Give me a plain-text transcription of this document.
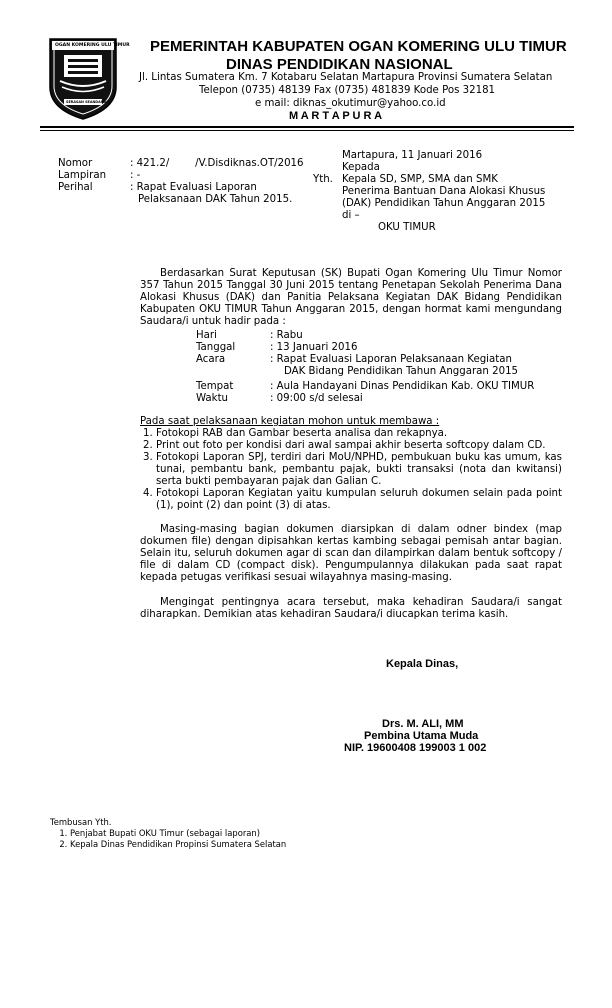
OGAN KOMERING ULU TIMUR
SERASAN SEANDANAN
PEMERINTAH KABUPATEN OGAN KOMERING ULU TIMUR
DINAS PENDIDIKAN NASIONAL
Jl. Lintas Sumatera Km. 7 Kotabaru Selatan Martapura Provinsi Sumatera Selatan
Telepon (0735) 48139 Fax (0735) 481839 Kode Pos 32181
e mail: diknas_okutimur@yahoo.co.id
M A R T A P U R A
Nomor	: 421.2/        /V.Disdiknas.OT/2016
Lampiran : -
Perihal	: Rapat Evaluasi Laporan
Pelaksanaan DAK Tahun 2015.
Martapura, 11 Januari 2016
Kepada
Yth. Kepala SD, SMP, SMA dan SMK
Penerima Bantuan Dana Alokasi Khusus
(DAK) Pendidikan Tahun Anggaran 2015
di –
OKU TIMUR
Berdasarkan Surat Keputusan (SK) Bupati Ogan Komering Ulu Timur Nomor 357 Tahun 2015 Tanggal 30 Juni 2015 tentang Penetapan Sekolah Penerima Dana Alokasi Khusus (DAK) dan Panitia Pelaksana Kegiatan DAK Bidang Pendidikan Kabupaten OKU TIMUR Tahun Anggaran 2015, dengan hormat kami mengundang Saudara/i untuk hadir pada :
Hari	: Rabu
Tanggal	: 13 Januari 2016
Acara	: Rapat Evaluasi Laporan Pelaksanaan Kegiatan
DAK Bidang Pendidikan Tahun Anggaran 2015
Tempat	: Aula Handayani Dinas Pendidikan Kab. OKU TIMUR
Waktu	: 09:00 s/d selesai
Pada saat pelaksanaan kegiatan mohon untuk membawa :
1. Fotokopi RAB dan Gambar beserta analisa dan rekapnya.
2. Print out foto per kondisi dari awal sampai akhir beserta softcopy dalam CD.
3. Fotokopi Laporan SPJ, terdiri dari MoU/NPHD, pembukuan buku kas umum, kas tunai, pembantu bank, pembantu pajak, bukti transaksi (nota dan kwitansi) serta bukti pembayaran pajak dan Galian C.
4. Fotokopi Laporan Kegiatan yaitu kumpulan seluruh dokumen selain pada point (1), point (2) dan point (3) di atas.
Masing-masing bagian dokumen diarsipkan di dalam odner bindex (map dokumen file) dengan dipisahkan kertas kambing sebagai pemisah antar bagian. Selain itu, seluruh dokumen agar di scan dan dilampirkan dalam bentuk softcopy / file di dalam CD (compact disk). Pengumpulannya dilakukan pada saat rapat kepada petugas verifikasi sesuai wilayahnya masing-masing.
Mengingat pentingnya acara tersebut, maka kehadiran Saudara/i sangat diharapkan. Demikian atas kehadiran Saudara/i diucapkan terima kasih.
Kepala Dinas,
Drs. M. ALI, MM
Pembina Utama Muda
NIP. 19600408 199003 1 002
Tembusan Yth.
1. Penjabat Bupati OKU Timur (sebagai laporan)
2. Kepala Dinas Pendidikan Propinsi Sumatera Selatan
